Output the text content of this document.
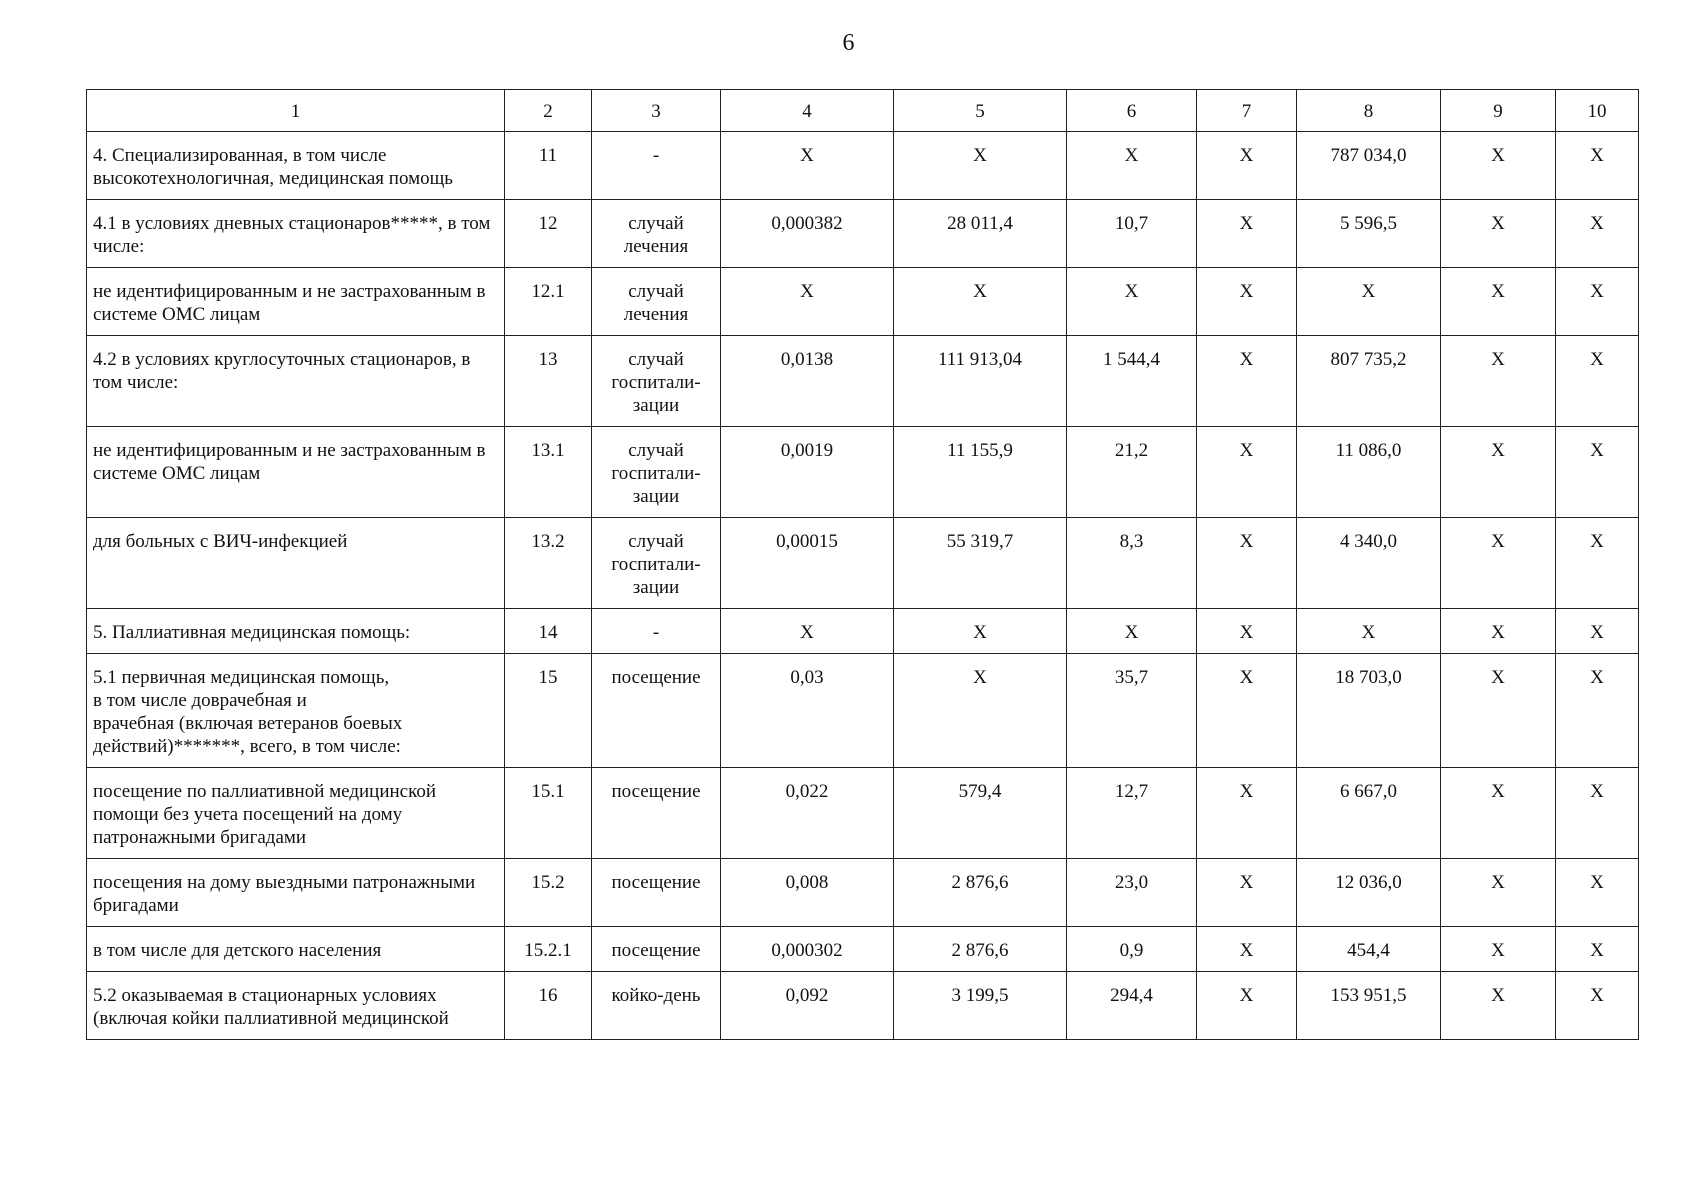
6
1	2	3	4	5	6	7	8	9	10
4. Специализированная, в том числе высокотехнологичная, медицинская помощь	11	-	Х	Х	Х	Х	787 034,0	Х	Х
4.1 в условиях дневных стационаров*****, в том числе:	12	случай лечения	0,000382	28 011,4	10,7	Х	5 596,5	Х	Х
не идентифицированным и не застрахованным в системе ОМС лицам	12.1	случай лечения	Х	Х	Х	Х	Х	Х	Х
4.2 в условиях круглосуточных стационаров, в том числе:	13	случай госпитали-зации	0,0138	111 913,04	1 544,4	Х	807 735,2	Х	Х
не идентифицированным и не застрахованным в системе ОМС лицам	13.1	случай госпитали-зации	0,0019	11 155,9	21,2	Х	11 086,0	Х	Х
для больных с ВИЧ-инфекцией	13.2	случай госпитали-зации	0,00015	55 319,7	8,3	Х	4 340,0	Х	Х
5. Паллиативная медицинская помощь:	14	-	Х	Х	Х	Х	Х	Х	Х
5.1 первичная медицинская помощь,
в том числе доврачебная и
врачебная (включая ветеранов боевых действий)*******, всего, в том числе:	15	посещение	0,03	Х	35,7	Х	18 703,0	Х	Х
посещение по паллиативной медицинской помощи без учета посещений на дому патронажными бригадами	15.1	посещение	0,022	579,4	12,7	Х	6 667,0	Х	Х
посещения на дому выездными патронажными бригадами	15.2	посещение	0,008	2 876,6	23,0	Х	12 036,0	Х	Х
в том числе для детского населения	15.2.1	посещение	0,000302	2 876,6	0,9	Х	454,4	Х	Х
5.2 оказываемая в стационарных условиях (включая койки паллиативной медицинской	16	койко-день	0,092	3 199,5	294,4	Х	153 951,5	Х	Х
